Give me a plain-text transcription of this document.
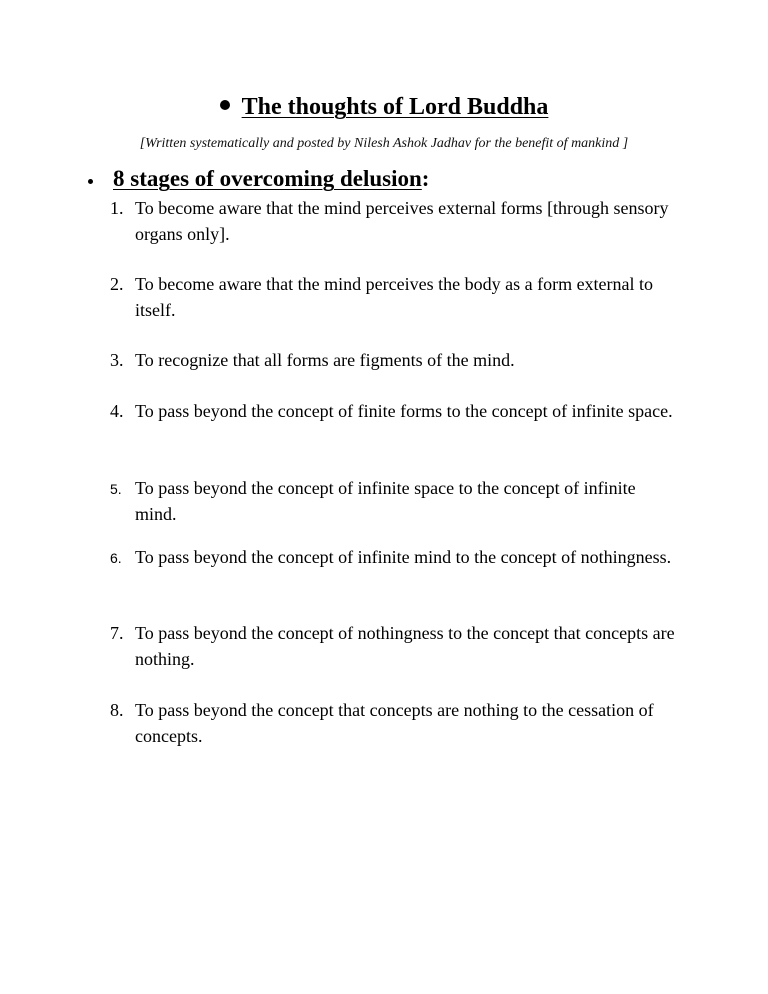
The thoughts of Lord Buddha
[Written systematically and posted by Nilesh Ashok Jadhav for the benefit of mankind ]
8 stages of overcoming delusion:
1. To become aware that the mind perceives external forms [through sensory organs only].
2. To become aware that the mind perceives the body as a form external to itself.
3. To recognize that all forms are figments of the mind.
4. To pass beyond the concept of finite forms to the concept of infinite space.
5. To pass beyond the concept of infinite space to the concept of infinite mind.
6. To pass beyond the concept of infinite mind to the concept of nothingness.
7. To pass beyond the concept of nothingness to the concept that concepts are nothing.
8. To pass beyond the concept that concepts are nothing to the cessation of concepts.
